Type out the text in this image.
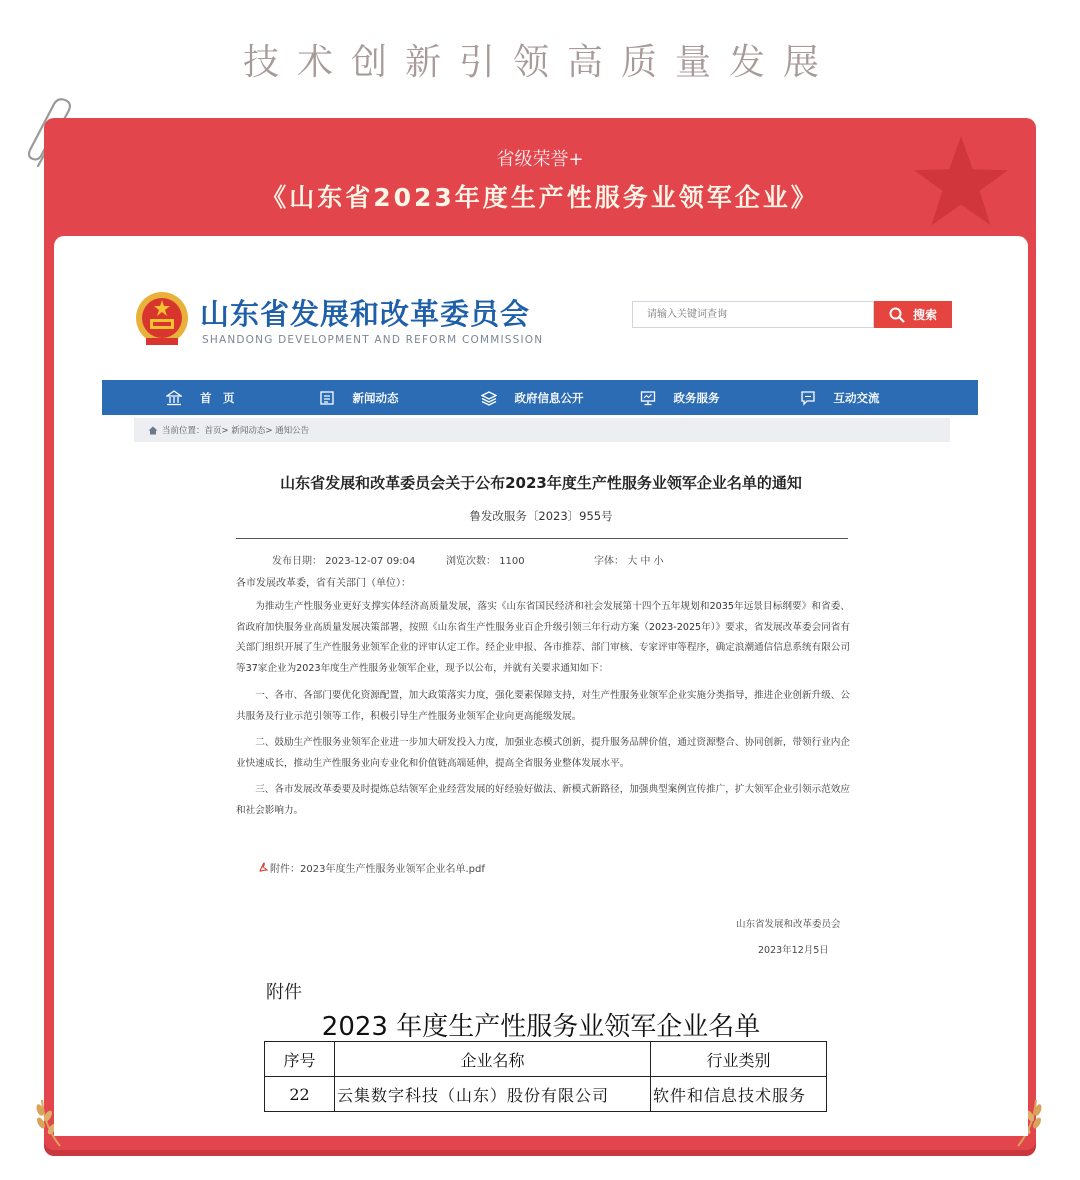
技术创新引领高质量发展
省级荣誉+
《山东省2023年度生产性服务业领军企业》
山东省发展和改革委员会
SHANDONG DEVELOPMENT AND REFORM COMMISSION
请输入关键词查询
搜索
首　页	新闻动态	政府信息公开	政务服务	互动交流
当前位置：首页> 新闻动态> 通知公告
山东省发展和改革委员会关于公布2023年度生产性服务业领军企业名单的通知
鲁发改服务〔2023〕955号
发布日期： 2023-12-07 09:04	浏览次数： 1100	字体： 大 中 小
各市发展改革委，省有关部门（单位）：
为推动生产性服务业更好支撑实体经济高质量发展，落实《山东省国民经济和社会发展第十四个五年规划和2035年远景目标纲要》和省委、省政府加快服务业高质量发展决策部署，按照《山东省生产性服务业百企升级引领三年行动方案（2023-2025年）》要求，省发展改革委会同省有关部门组织开展了生产性服务业领军企业的评审认定工作。经企业申报、各市推荐、部门审核、专家评审等程序，确定浪潮通信信息系统有限公司等37家企业为2023年度生产性服务业领军企业，现予以公布，并就有关要求通知如下：
一、各市、各部门要优化资源配置，加大政策落实力度，强化要素保障支持，对生产性服务业领军企业实施分类指导，推进企业创新升级、公共服务及行业示范引领等工作，积极引导生产性服务业领军企业向更高能级发展。
二、鼓励生产性服务业领军企业进一步加大研发投入力度，加强业态模式创新，提升服务品牌价值，通过资源整合、协同创新，带领行业内企业快速成长，推动生产性服务业向专业化和价值链高端延伸，提高全省服务业整体发展水平。
三、各市发展改革委要及时提炼总结领军企业经营发展的好经验好做法、新模式新路径，加强典型案例宣传推广，扩大领军企业引领示范效应和社会影响力。
附件：2023年度生产性服务业领军企业名单.pdf
山东省发展和改革委员会
2023年12月5日
附件
2023 年度生产性服务业领军企业名单
序号	企业名称	行业类别
22	云集数字科技（山东）股份有限公司	软件和信息技术服务
